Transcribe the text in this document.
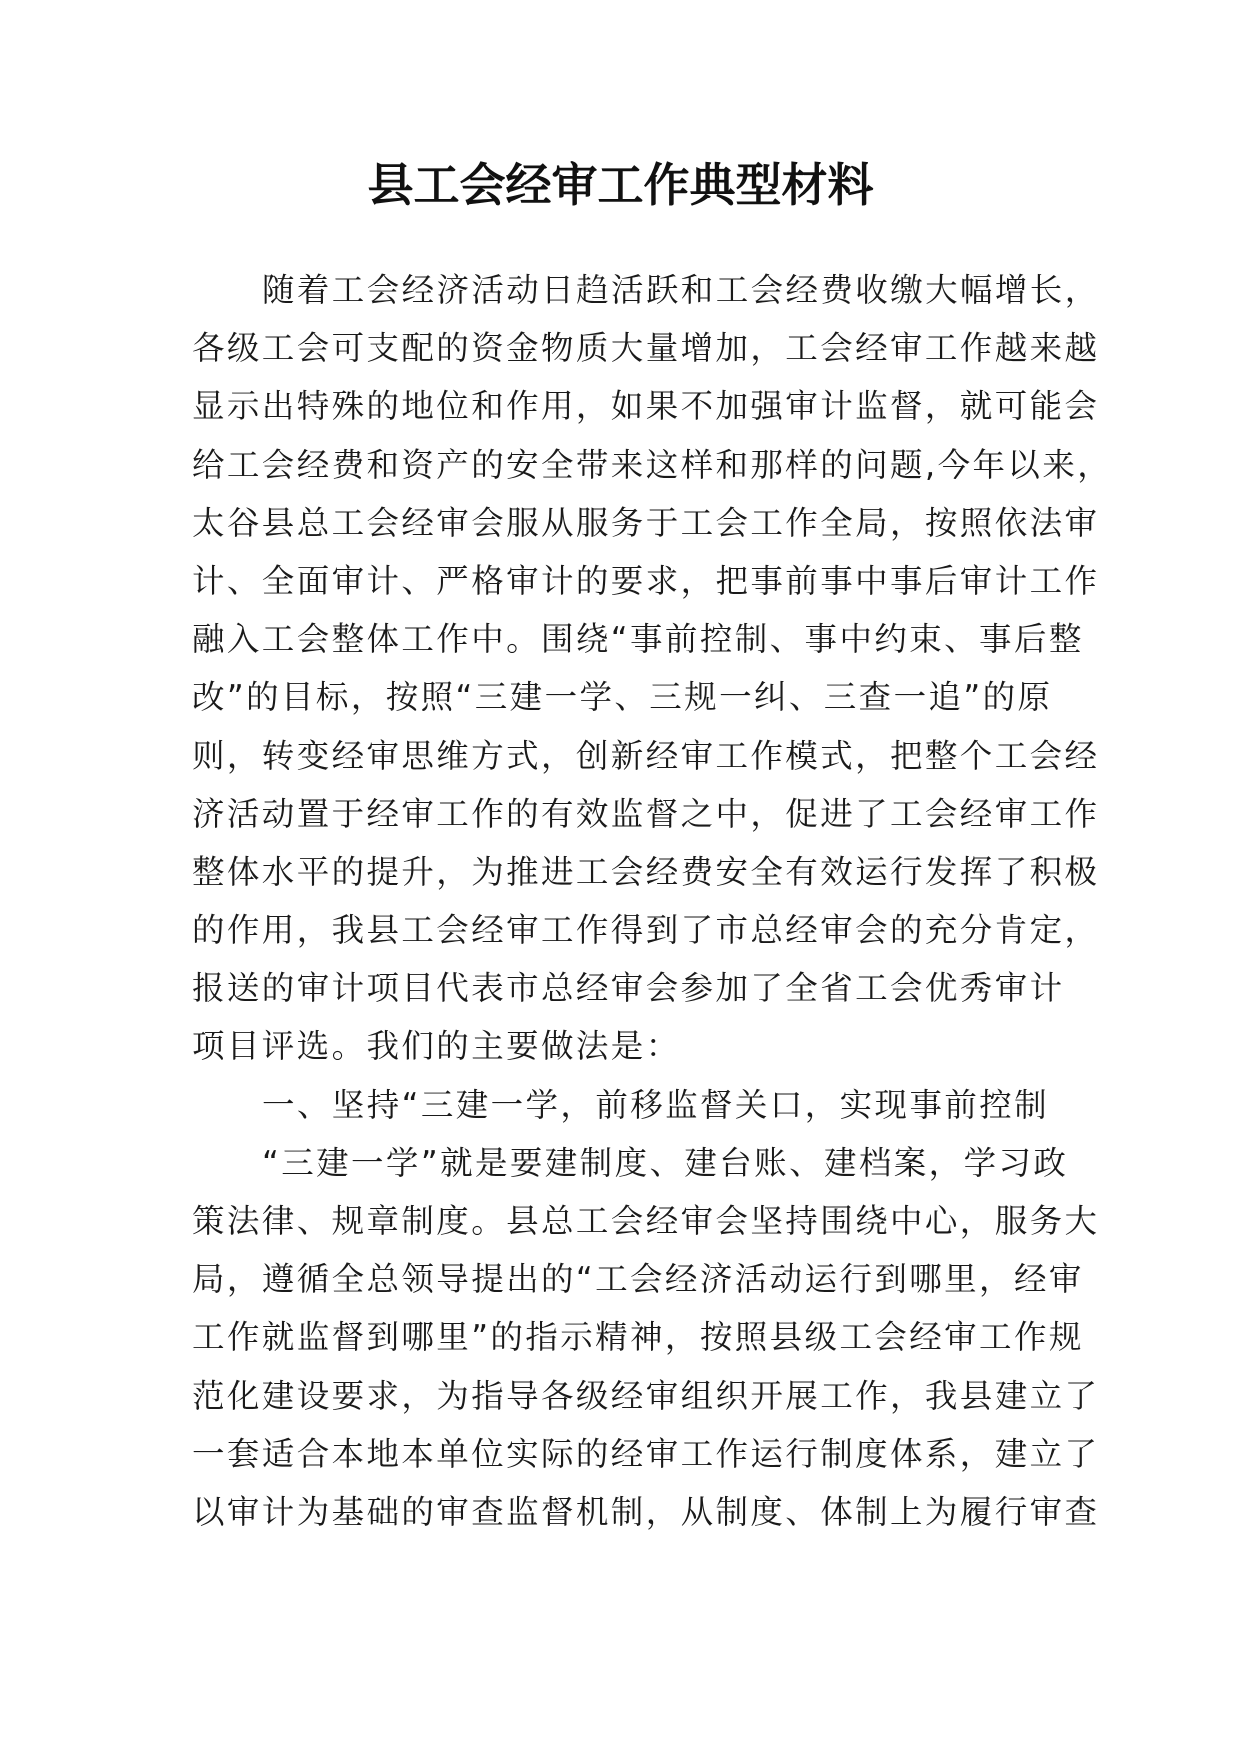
县工会经审工作典型材料
随着工会经济活动日趋活跃和工会经费收缴大幅增长，
各级工会可支配的资金物质大量增加，工会经审工作越来越
显示出特殊的地位和作用，如果不加强审计监督，就可能会
给工会经费和资产的安全带来这样和那样的问题,今年以来，
太谷县总工会经审会服从服务于工会工作全局，按照依法审
计、全面审计、严格审计的要求，把事前事中事后审计工作
融入工会整体工作中。围绕“事前控制、事中约束、事后整
改”的目标，按照“三建一学、三规一纠、三查一追”的原
则，转变经审思维方式，创新经审工作模式，把整个工会经
济活动置于经审工作的有效监督之中，促进了工会经审工作
整体水平的提升，为推进工会经费安全有效运行发挥了积极
的作用，我县工会经审工作得到了市总经审会的充分肯定，
报送的审计项目代表市总经审会参加了全省工会优秀审计
项目评选。我们的主要做法是：
一、坚持“三建一学，前移监督关口，实现事前控制
“三建一学”就是要建制度、建台账、建档案，学习政
策法律、规章制度。县总工会经审会坚持围绕中心，服务大
局，遵循全总领导提出的“工会经济活动运行到哪里，经审
工作就监督到哪里”的指示精神，按照县级工会经审工作规
范化建设要求，为指导各级经审组织开展工作，我县建立了
一套适合本地本单位实际的经审工作运行制度体系，建立了
以审计为基础的审查监督机制，从制度、体制上为履行审查
